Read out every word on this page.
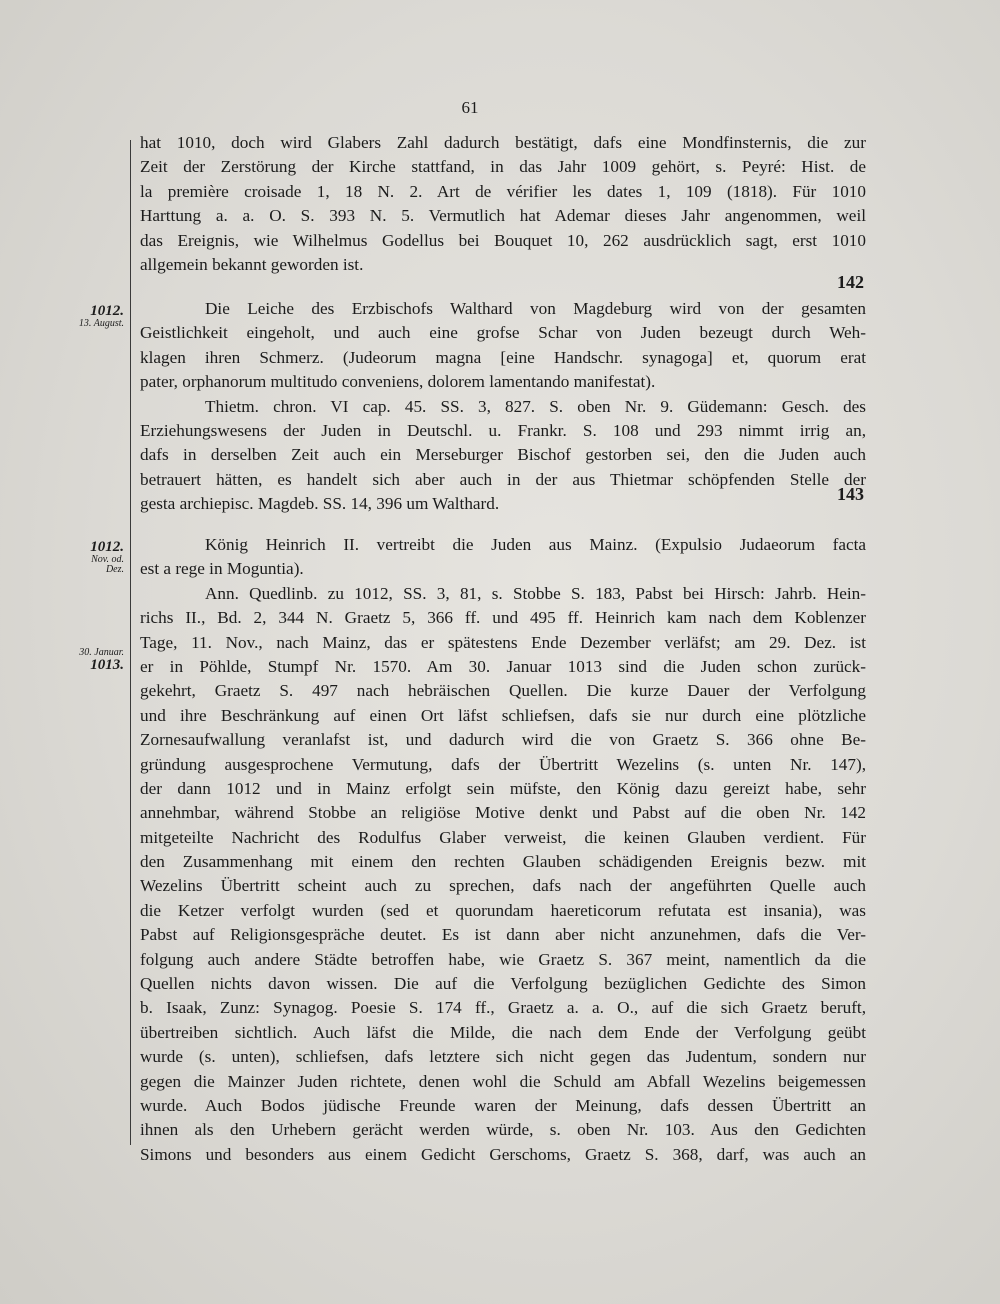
61
hat 1010, doch wird Glabers Zahl dadurch bestätigt, dafs eine Mondfinsternis, die zur
Zeit der Zerstörung der Kirche stattfand, in das Jahr 1009 gehört, s. Peyré: Hist. de
la première croisade 1, 18 N. 2. Art de vérifier les dates 1, 109 (1818). Für 1010
Harttung a. a. O. S. 393 N. 5. Vermutlich hat Ademar dieses Jahr angenommen, weil
das Ereignis, wie Wilhelmus Godellus bei Bouquet 10, 262 ausdrücklich sagt, erst 1010
allgemein bekannt geworden ist.
142
1012.
13. August.
Die Leiche des Erzbischofs Walthard von Magdeburg wird von der gesamten
Geistlichkeit eingeholt, und auch eine grofse Schar von Juden bezeugt durch Weh-
klagen ihren Schmerz. (Judeorum magna [eine Handschr. synagoga] et, quorum erat
pater, orphanorum multitudo conveniens, dolorem lamentando manifestat).
Thietm. chron. VI cap. 45. SS. 3, 827. S. oben Nr. 9. Güdemann: Gesch. des
Erziehungswesens der Juden in Deutschl. u. Frankr. S. 108 und 293 nimmt irrig an,
dafs in derselben Zeit auch ein Merseburger Bischof gestorben sei, den die Juden auch
betrauert hätten, es handelt sich aber auch in der aus Thietmar schöpfenden Stelle der
gesta archiepisc. Magdeb. SS. 14, 396 um Walthard.	143
1012.
Nov. od.
Dez.
30. Januar.
1013.
König Heinrich II. vertreibt die Juden aus Mainz. (Expulsio Judaeorum facta
est a rege in Moguntia).
Ann. Quedlinb. zu 1012, SS. 3, 81, s. Stobbe S. 183, Pabst bei Hirsch: Jahrb. Hein-
richs II., Bd. 2, 344 N. Graetz 5, 366 ff. und 495 ff. Heinrich kam nach dem Koblenzer
Tage, 11. Nov., nach Mainz, das er spätestens Ende Dezember verläfst; am 29. Dez. ist
er in Pöhlde, Stumpf Nr. 1570. Am 30. Januar 1013 sind die Juden schon zurück-
gekehrt, Graetz S. 497 nach hebräischen Quellen. Die kurze Dauer der Verfolgung
und ihre Beschränkung auf einen Ort läfst schliefsen, dafs sie nur durch eine plötzliche
Zornesaufwallung veranlafst ist, und dadurch wird die von Graetz S. 366 ohne Be-
gründung ausgesprochene Vermutung, dafs der Übertritt Wezelins (s. unten Nr. 147),
der dann 1012 und in Mainz erfolgt sein müfste, den König dazu gereizt habe, sehr
annehmbar, während Stobbe an religiöse Motive denkt und Pabst auf die oben Nr. 142
mitgeteilte Nachricht des Rodulfus Glaber verweist, die keinen Glauben verdient. Für
den Zusammenhang mit einem den rechten Glauben schädigenden Ereignis bezw. mit
Wezelins Übertritt scheint auch zu sprechen, dafs nach der angeführten Quelle auch
die Ketzer verfolgt wurden (sed et quorundam haereticorum refutata est insania), was
Pabst auf Religionsgespräche deutet. Es ist dann aber nicht anzunehmen, dafs die Ver-
folgung auch andere Städte betroffen habe, wie Graetz S. 367 meint, namentlich da die
Quellen nichts davon wissen. Die auf die Verfolgung bezüglichen Gedichte des Simon
b. Isaak, Zunz: Synagog. Poesie S. 174 ff., Graetz a. a. O., auf die sich Graetz beruft,
übertreiben sichtlich. Auch läfst die Milde, die nach dem Ende der Verfolgung geübt
wurde (s. unten), schliefsen, dafs letztere sich nicht gegen das Judentum, sondern nur
gegen die Mainzer Juden richtete, denen wohl die Schuld am Abfall Wezelins beigemessen
wurde. Auch Bodos jüdische Freunde waren der Meinung, dafs dessen Übertritt an
ihnen als den Urhebern gerächt werden würde, s. oben Nr. 103. Aus den Gedichten
Simons und besonders aus einem Gedicht Gerschoms, Graetz S. 368, darf, was auch an
